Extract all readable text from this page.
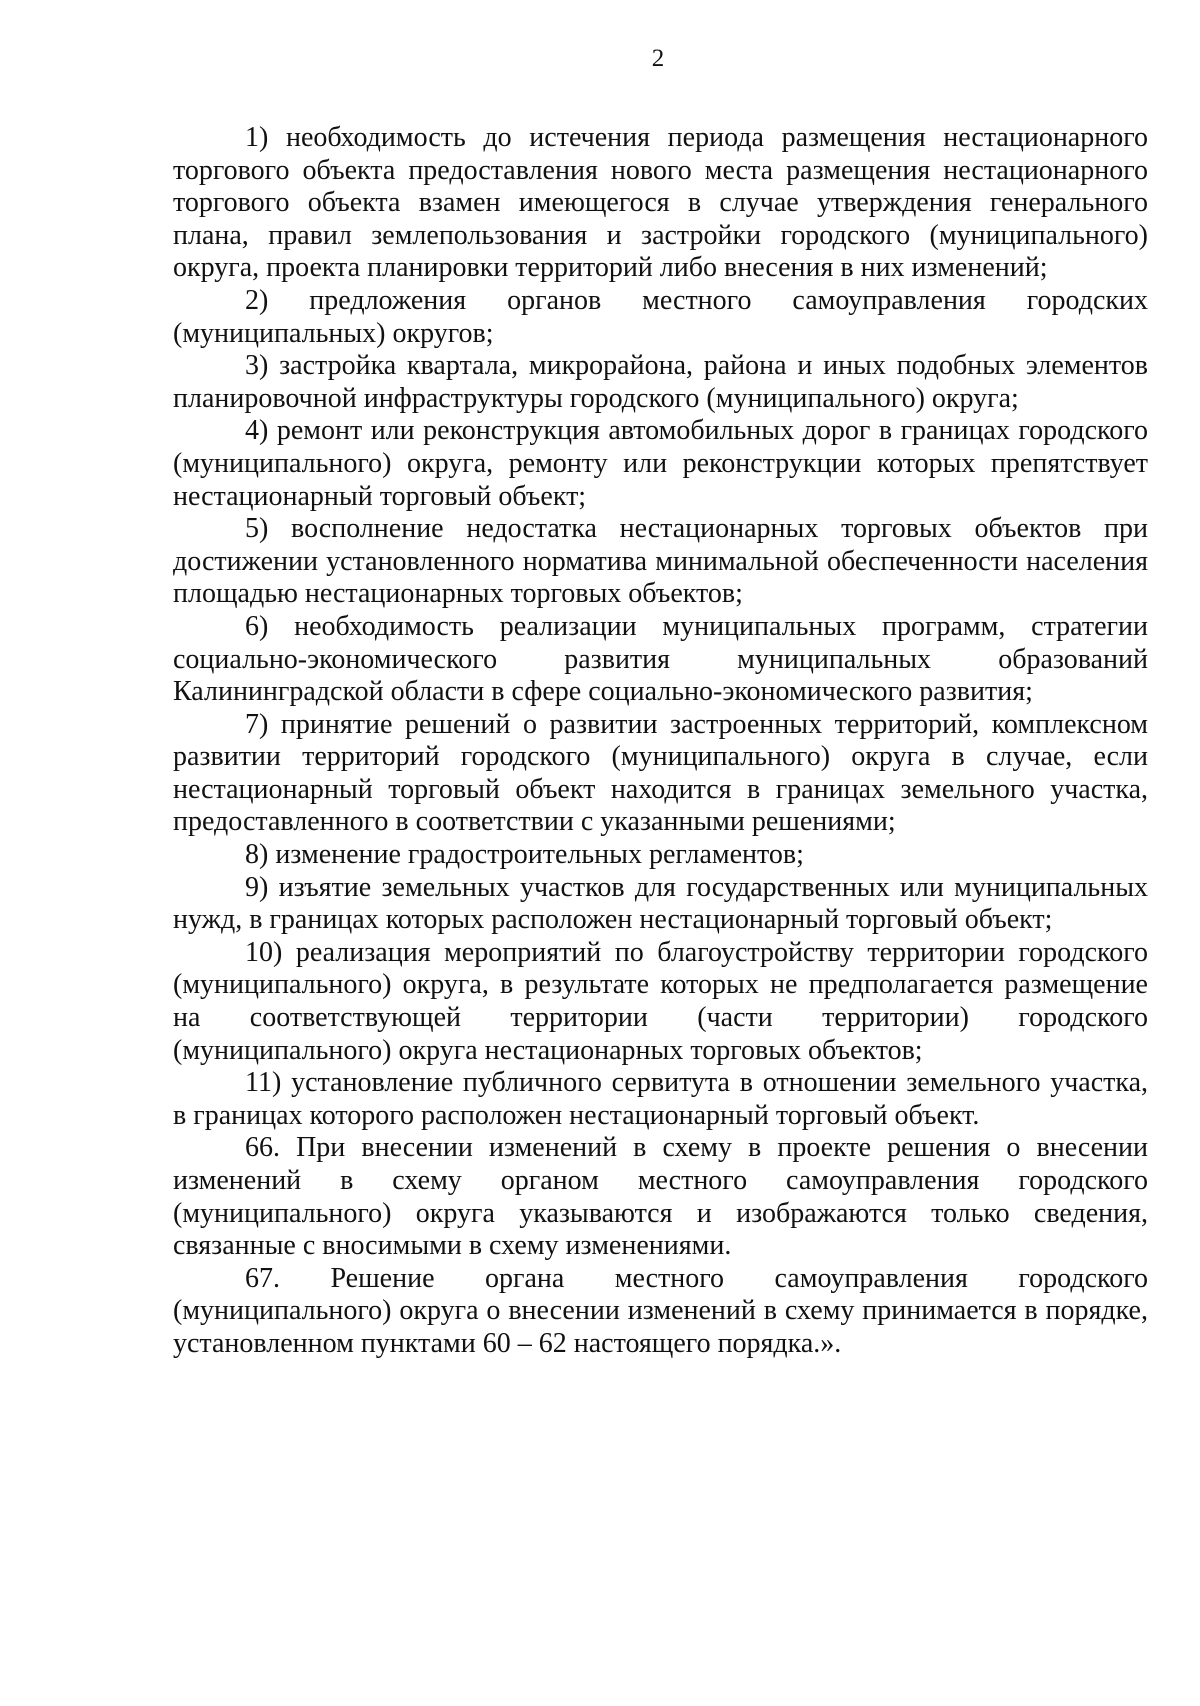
2

1) необходимость до истечения периода размещения нестационарного торгового объекта предоставления нового места размещения нестационарного торгового объекта взамен имеющегося в случае утверждения генерального плана, правил землепользования и застройки городского (муниципального) округа, проекта планировки территорий либо внесения в них изменений;

2) предложения органов местного самоуправления городских (муниципальных) округов;

3) застройка квартала, микрорайона, района и иных подобных элементов планировочной инфраструктуры городского (муниципального) округа;

4) ремонт или реконструкция автомобильных дорог в границах городского (муниципального) округа, ремонту или реконструкции которых препятствует нестационарный торговый объект;

5) восполнение недостатка нестационарных торговых объектов при достижении установленного норматива минимальной обеспеченности населения площадью нестационарных торговых объектов;

6) необходимость реализации муниципальных программ, стратегии социально-экономического развития муниципальных образований Калининградской области в сфере социально-экономического развития;

7) принятие решений о развитии застроенных территорий, комплексном развитии территорий городского (муниципального) округа в случае, если нестационарный торговый объект находится в границах земельного участка, предоставленного в соответствии с указанными решениями;

8) изменение градостроительных регламентов;

9) изъятие земельных участков для государственных или муниципальных нужд, в границах которых расположен нестационарный торговый объект;

10) реализация мероприятий по благоустройству территории городского (муниципального) округа, в результате которых не предполагается размещение на соответствующей территории (части территории) городского (муниципального) округа нестационарных торговых объектов;

11) установление публичного сервитута в отношении земельного участка, в границах которого расположен нестационарный торговый объект.

66. При внесении изменений в схему в проекте решения о внесении изменений в схему органом местного самоуправления городского (муниципального) округа указываются и изображаются только сведения, связанные с вносимыми в схему изменениями.

67. Решение органа местного самоуправления городского (муниципального) округа о внесении изменений в схему принимается в порядке, установленном пунктами 60 – 62 настоящего порядка.».
